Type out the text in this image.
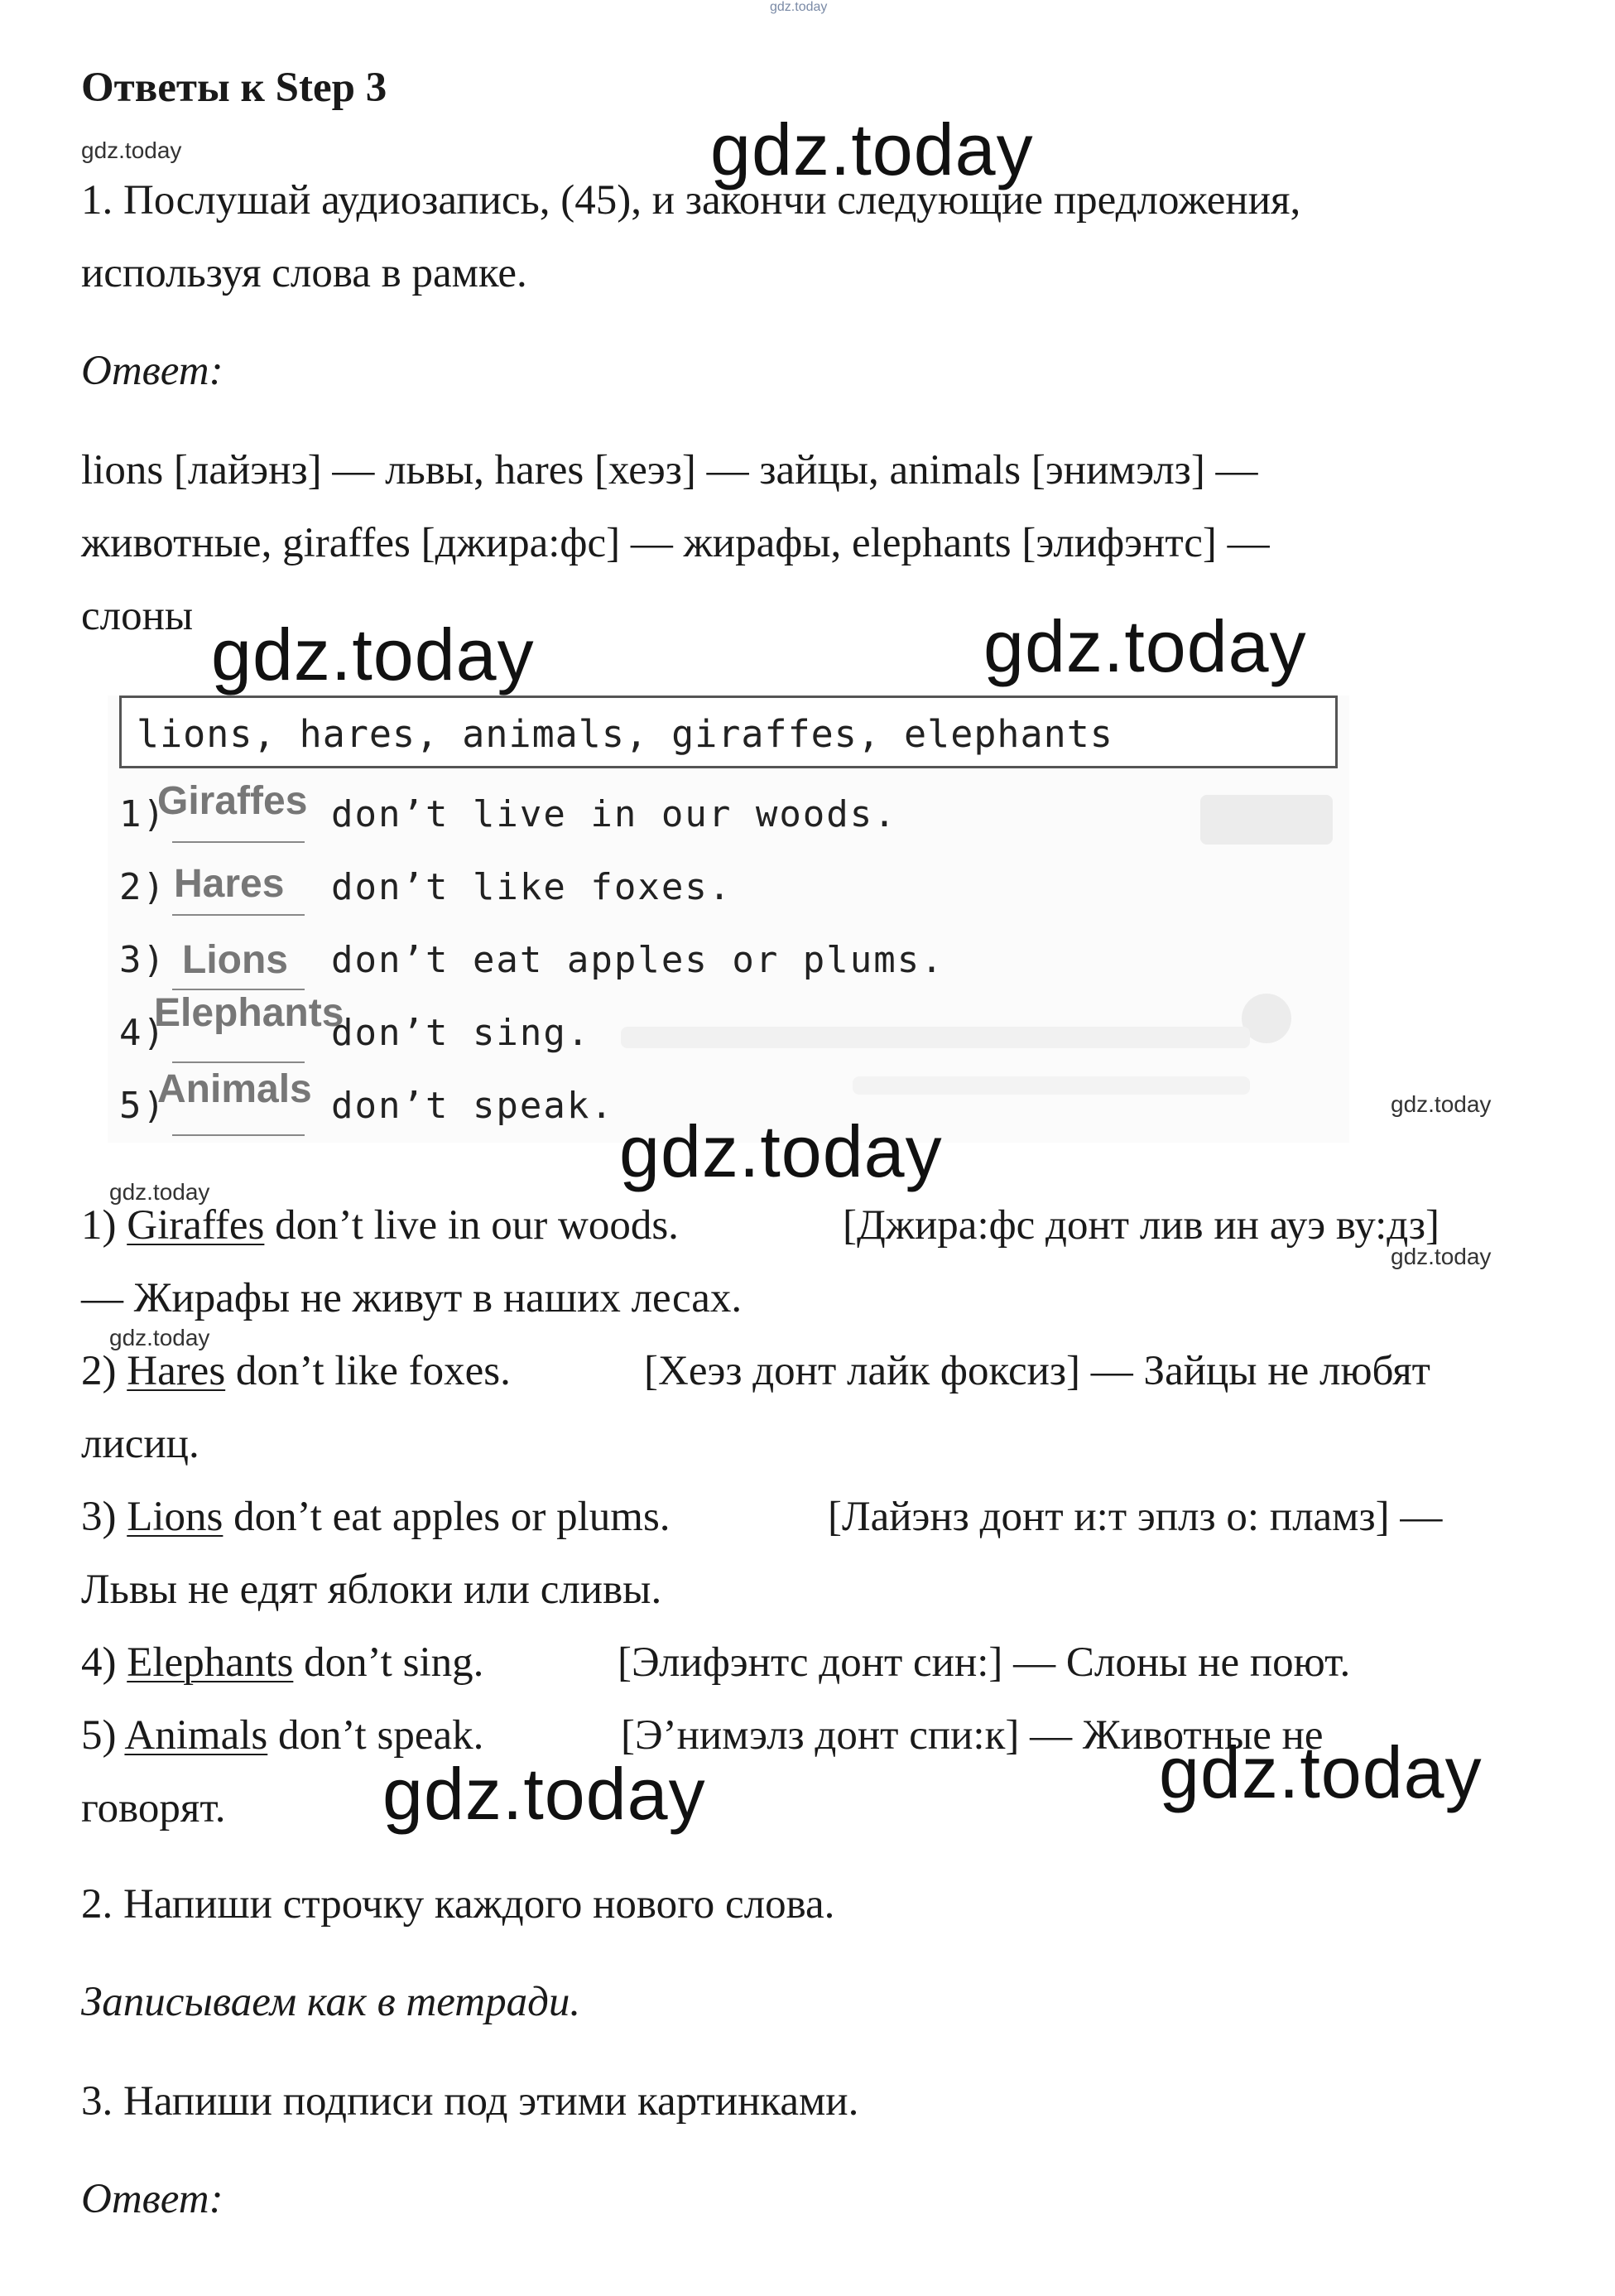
gdz.today
Ответы к Step 3
gdz.today	gdz.today
1. Послушай аудиозапись, (45), и закончи следующие предложения,
используя слова в рамке.
Ответ:
lions [лайэнз] — львы, hares [хеэз] — зайцы, animals [энимэлз] —
животные, giraffes [джира:фс] — жирафы, elephants [элифэнтс] —
слоны gdz.today	gdz.today
lions, hares, animals, giraffes, elephants
1)
Giraffes don’t live in our woods.
2) Hares don’t like foxes.
3) Lions don’t eat apples or plums.
4)
Elephants
don’t sing.
5)
Animals don’t speak.	gdz.today
gdz.today
gdz.today
1) Giraffes don’t live in our woods.	[Джира:фс донт лив ин ауэ ву:дз]
gdz.today
— Жирафы не живут в наших лесах.
gdz.today
2) Hares don’t like foxes.	[Хеэз донт лайк фоксиз] — Зайцы не любят
лисиц.
3) Lions don’t eat apples or plums.	[Лайэнз донт и:т эплз о: пламз] —
Львы не едят яблоки или сливы.
4) Elephants don’t sing.	[Элифэнтс донт син:] — Слоны не поют.
5) Animals don’t speak.	[Э’нимэлз донт спи:к] — Животные не
говорят. gdz.today	gdz.today
2. Напиши строчку каждого нового слова.
Записываем как в тетради.
3. Напиши подписи под этими картинками.
Ответ:
